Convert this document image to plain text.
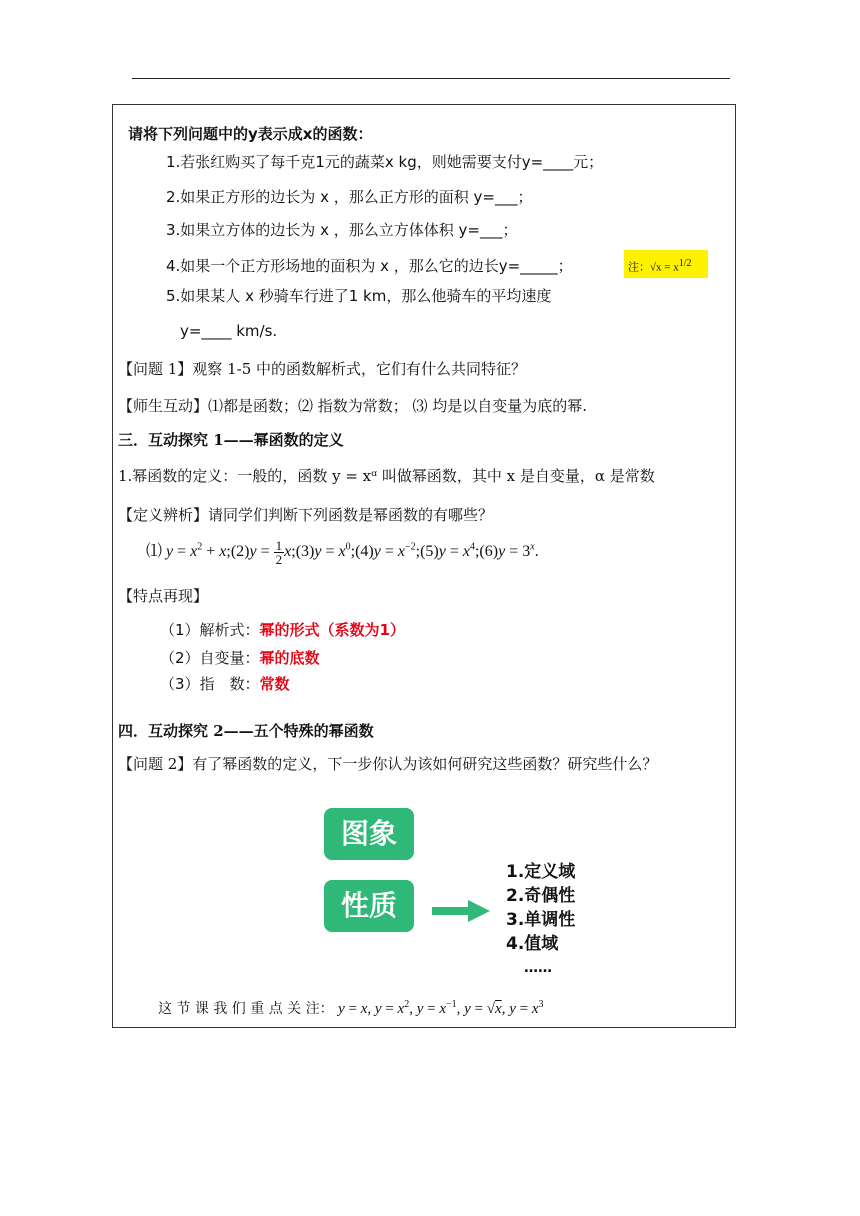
请将下列问题中的y表示成x的函数：
1.若张红购买了每千克1元的蔬菜x kg，则她需要支付y=____元；
2.如果正方形的边长为 x ，那么正方形的面积 y=___；
3.如果立方体的边长为 x ，那么立方体体积 y=___；
4.如果一个正方形场地的面积为 x ，那么它的边长y=_____；	注：$√x = x^{1/2}$
5.如果某人 x 秒骑车行进了1 km，那么他骑车的平均速度
y=____ km/s.
【问题 1】观察 1-5 中的函数解析式，它们有什么共同特征？
【师生互动】⑴都是函数；⑵ 指数为常数； ⑶ 均是以自变量为底的幂.
三．互动探究 1——幂函数的定义
1.幂函数的定义：一般的，函数 y = xᵅ 叫做幂函数，其中 x 是自变量，α 是常数
【定义辨析】请同学们判断下列函数是幂函数的有哪些？
⑴ $y = x^2$ + x;(2)y = $\frac{1}{2}$ x;(3)y = $x^0;(4)y$ = $x^{-2};(5)y$ = $x^4;(6)y = 3^x$.
【特点再现】
（1）解析式：幂的形式（系数为1）
（2）自变量：幂的底数
（3）指　数：常数
四．互动探究 2——五个特殊的幂函数
【问题 2】有了幂函数的定义，下一步你认为该如何研究这些函数？研究些什么？
图象
性质
1.定义域
2.奇偶性
3.单调性
4.值域
……
这 节 课 我 们 重 点 关 注： y = x, $y = x^2$, $y = x^{-1}$, y = √x, $y = x^3$
